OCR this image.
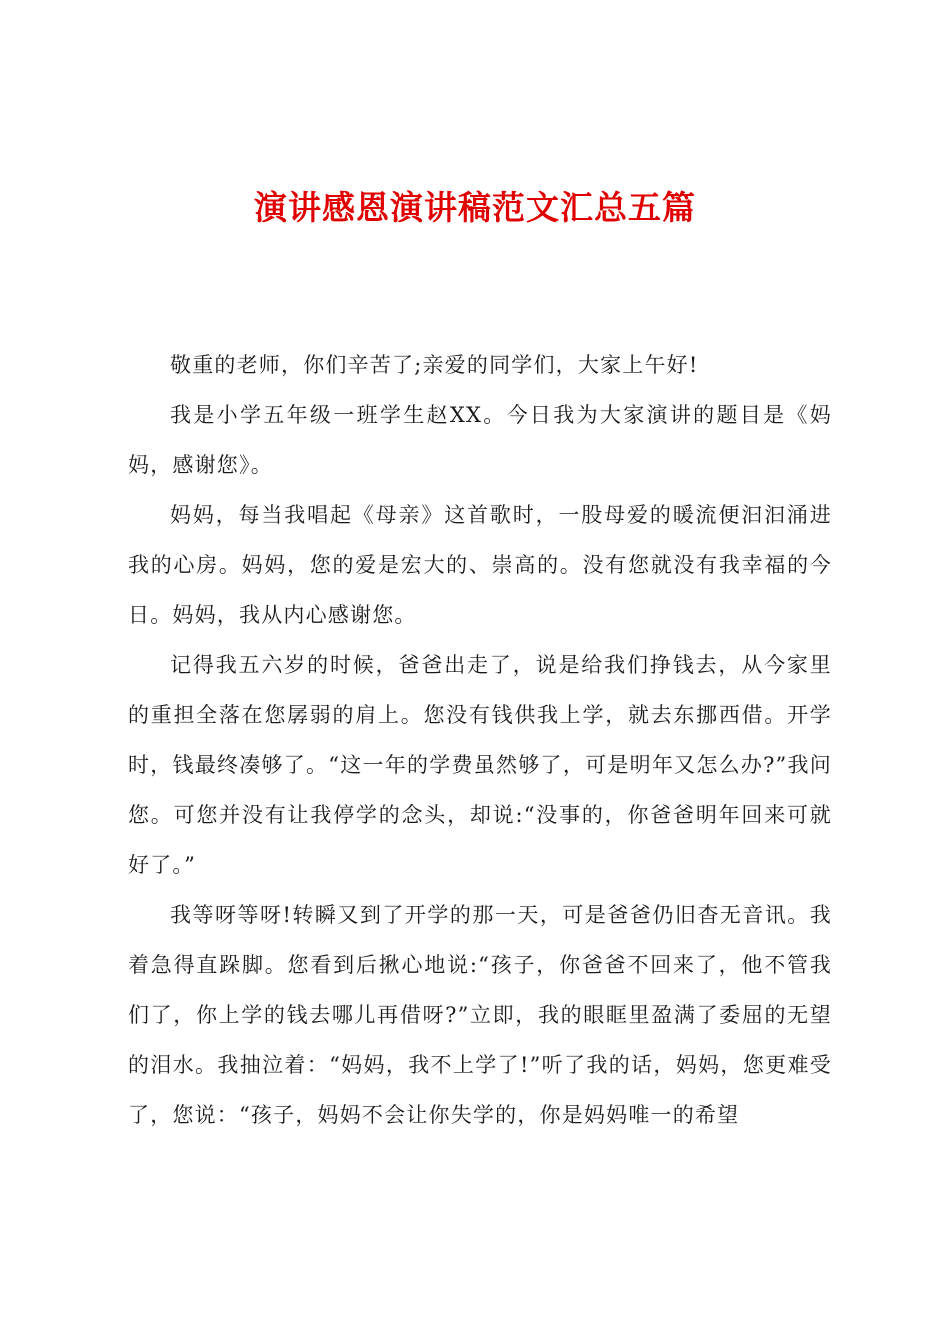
演讲感恩演讲稿范文汇总五篇

敬重的老师，你们辛苦了;亲爱的同学们，大家上午好!

我是小学五年级一班学生赵XX。今日我为大家演讲的题目是《妈妈，感谢您》。

妈妈，每当我唱起《母亲》这首歌时，一股母爱的暖流便汩汩涌进我的心房。妈妈，您的爱是宏大的、崇高的。没有您就没有我幸福的今日。妈妈，我从内心感谢您。

记得我五六岁的时候，爸爸出走了，说是给我们挣钱去，从今家里的重担全落在您孱弱的肩上。您没有钱供我上学，就去东挪西借。开学时，钱最终凑够了。“这一年的学费虽然够了，可是明年又怎么办?”我问您。可您并没有让我停学的念头，却说:“没事的，你爸爸明年回来可就好了。”

我等呀等呀!转瞬又到了开学的那一天，可是爸爸仍旧杳无音讯。我着急得直跺脚。您看到后揪心地说:“孩子，你爸爸不回来了，他不管我们了，你上学的钱去哪儿再借呀?”立即，我的眼眶里盈满了委屈的无望的泪水。我抽泣着：“妈妈，我不上学了!”听了我的话，妈妈，您更难受了，您说：“孩子，妈妈不会让你失学的，你是妈妈唯一的希望
